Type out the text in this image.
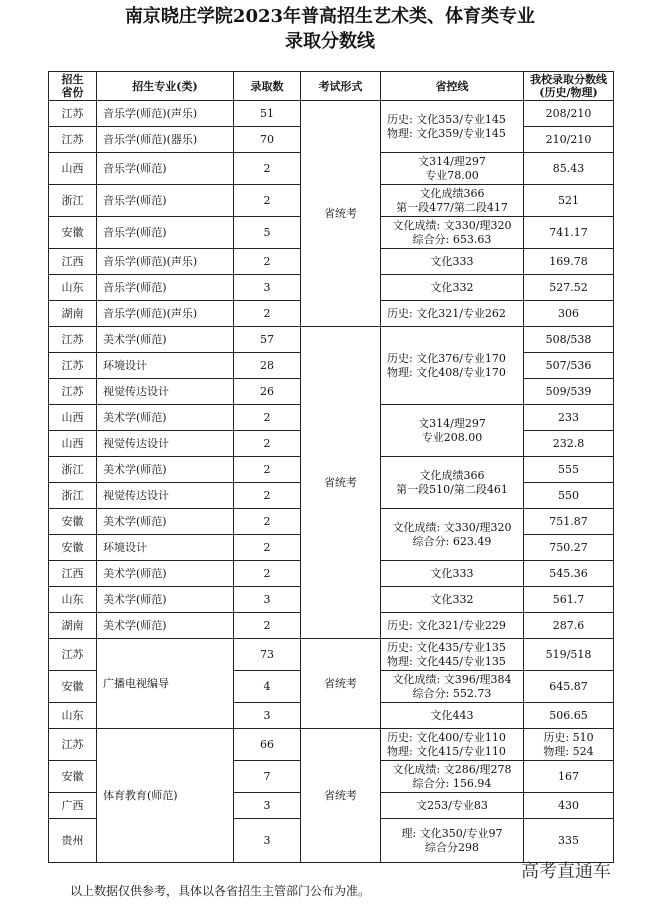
南京晓庄学院2023年普高招生艺术类、体育类专业
录取分数线
招生
省份	招生专业(类)	录取数	考试形式	省控线	我校录取分数线
(历史/物理)
江苏	音乐学(师范)(声乐)	51	省统考	历史: 文化353/专业145
物理: 文化359/专业145	208/210
江苏	音乐学(师范)(器乐)	70			210/210
山西	音乐学(师范)	2		文314/理297
专业78.00	85.43
浙江	音乐学(师范)	2		文化成绩366
第一段477/第二段417	521
安徽	音乐学(师范)	5		文化成绩: 文330/理320
综合分: 653.63	741.17
江西	音乐学(师范)(声乐)	2		文化333	169.78
山东	音乐学(师范)	3		文化332	527.52
湖南	音乐学(师范)(声乐)	2		历史: 文化321/专业262	306
江苏	美术学(师范)	57	省统考	历史: 文化376/专业170
物理: 文化408/专业170	508/538
江苏	环境设计	28			507/536
江苏	视觉传达设计	26			509/539
山西	美术学(师范)	2		文314/理297
专业208.00	233
山西	视觉传达设计	2			232.8
浙江	美术学(师范)	2		文化成绩366
第一段510/第二段461	555
浙江	视觉传达设计	2			550
安徽	美术学(师范)	2		文化成绩: 文330/理320
综合分: 623.49	751.87
安徽	环境设计	2			750.27
江西	美术学(师范)	2		文化333	545.36
山东	美术学(师范)	3		文化332	561.7
湖南	美术学(师范)	2		历史: 文化321/专业229	287.6
江苏	广播电视编导	73	省统考	历史: 文化435/专业135
物理: 文化445/专业135	519/518
安徽		4		文化成绩: 文396/理384
综合分: 552.73	645.87
山东		3		文化443	506.65
江苏	体育教育(师范)	66	省统考	历史: 文化400/专业110
物理: 文化415/专业110	历史: 510
物理: 524
安徽		7		文化成绩: 文286/理278
综合分: 156.94	167
广西		3		文253/专业83	430
贵州		3		理: 文化350/专业97
综合分298	335
高考直通车
以上数据仅供参考，具体以各省招生主管部门公布为准。
